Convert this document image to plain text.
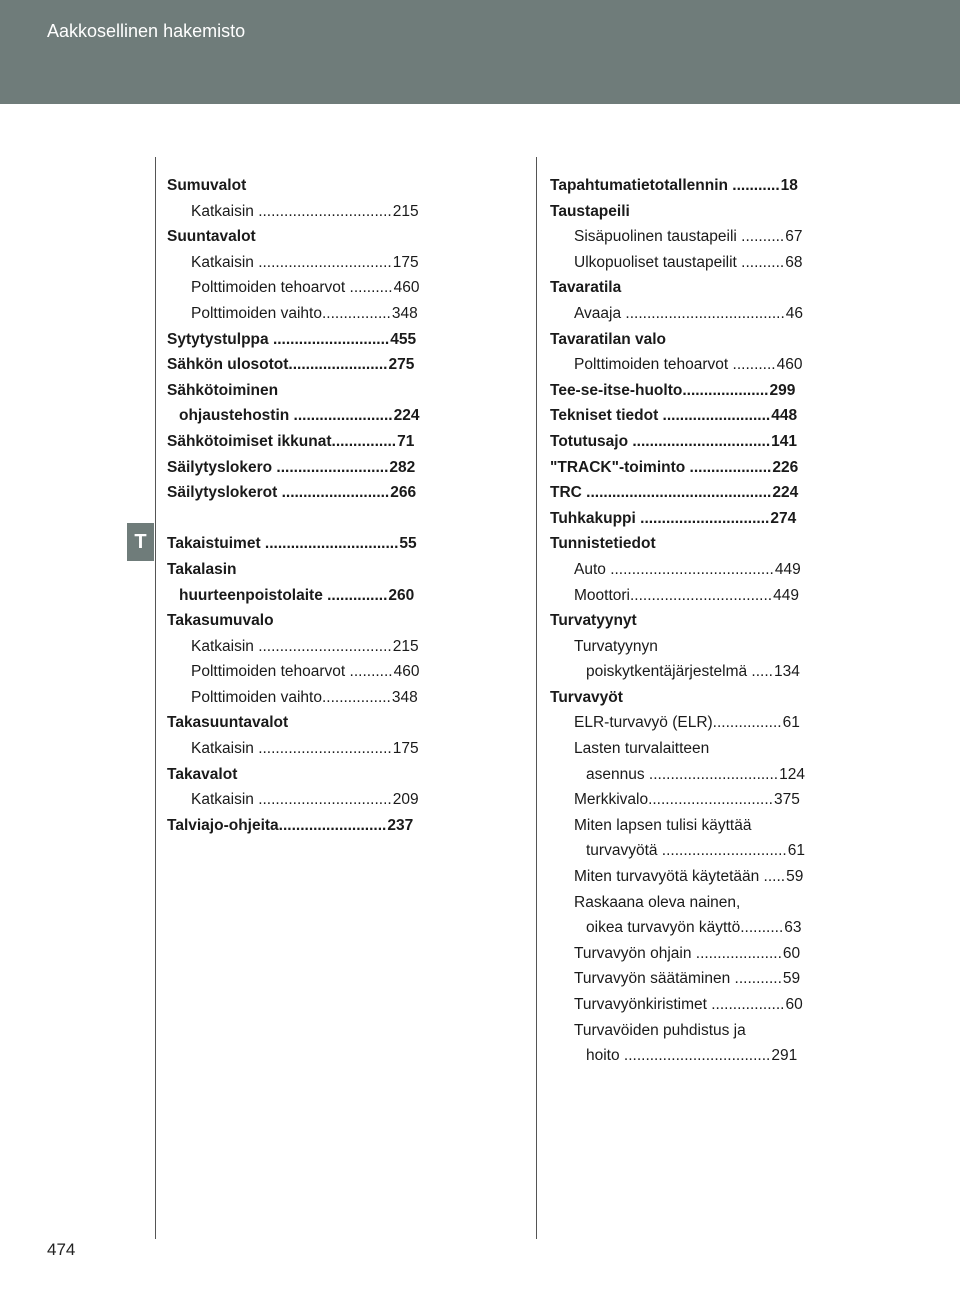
Aakkosellinen hakemisto
T
Sumuvalot
Katkaisin ............................... 215
Suuntavalot
Katkaisin ............................... 175
Polttimoiden tehoarvot .......... 460
Polttimoiden vaihto................ 348
Sytytystulppa ........................... 455
Sähkön ulosotot....................... 275
Sähkötoiminen
ohjaustehostin ....................... 224
Sähkötoimiset ikkunat............... 71
Säilytyslokero .......................... 282
Säilytyslokerot ......................... 266
Takaistuimet ............................... 55
Takalasin
huurteenpoistolaite .............. 260
Takasumuvalo
Katkaisin ............................... 215
Polttimoiden tehoarvot .......... 460
Polttimoiden vaihto................ 348
Takasuuntavalot
Katkaisin ............................... 175
Takavalot
Katkaisin ............................... 209
Talviajo-ohjeita......................... 237
Tapahtumatietotallennin ........... 18
Taustapeili
Sisäpuolinen taustapeili .......... 67
Ulkopuoliset taustapeilit .......... 68
Tavaratila
Avaaja ..................................... 46
Tavaratilan valo
Polttimoiden tehoarvot .......... 460
Tee-se-itse-huolto.................... 299
Tekniset tiedot ......................... 448
Totutusajo ................................ 141
"TRACK"-toiminto ................... 226
TRC ........................................... 224
Tuhkakuppi .............................. 274
Tunnistetiedot
Auto ...................................... 449
Moottori................................. 449
Turvatyynyt
Turvatyynyn
poiskytkentäjärjestelmä ..... 134
Turvavyöt
ELR-turvavyö (ELR)................ 61
Lasten turvalaitteen
asennus .............................. 124
Merkkivalo............................. 375
Miten lapsen tulisi käyttää
turvavyötä ............................. 61
Miten turvavyötä käytetään ..... 59
Raskaana oleva nainen,
oikea turvavyön käyttö.......... 63
Turvavyön ohjain .................... 60
Turvavyön säätäminen ........... 59
Turvavyönkiristimet ................. 60
Turvavöiden puhdistus ja
hoito .................................. 291
474
